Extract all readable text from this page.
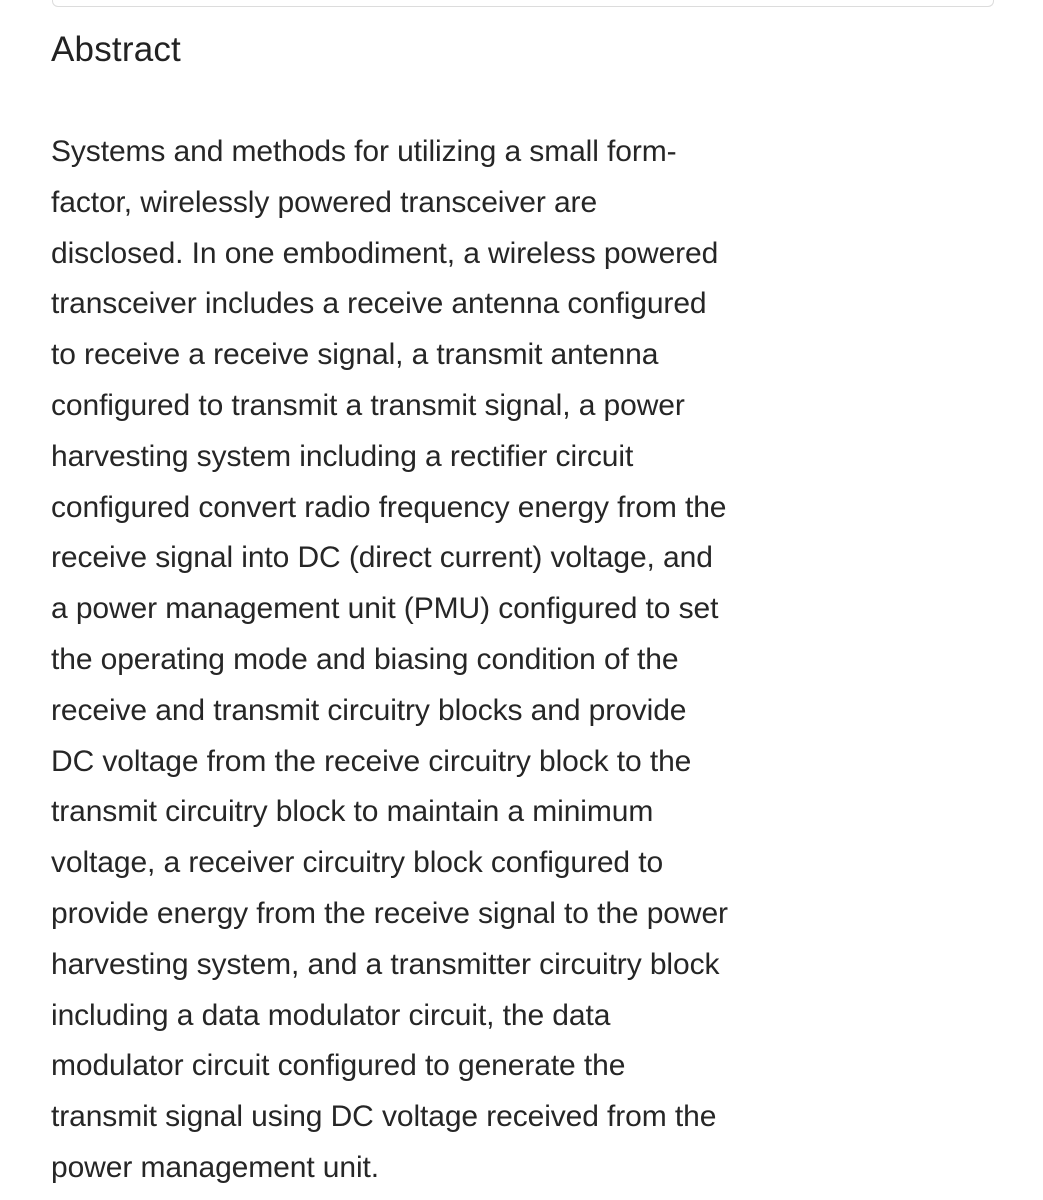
Abstract
Systems and methods for utilizing a small form-
factor, wirelessly powered transceiver are
disclosed. In one embodiment, a wireless powered
transceiver includes a receive antenna configured
to receive a receive signal, a transmit antenna
configured to transmit a transmit signal, a power
harvesting system including a rectifier circuit
configured convert radio frequency energy from the
receive signal into DC (direct current) voltage, and
a power management unit (PMU) configured to set
the operating mode and biasing condition of the
receive and transmit circuitry blocks and provide
DC voltage from the receive circuitry block to the
transmit circuitry block to maintain a minimum
voltage, a receiver circuitry block configured to
provide energy from the receive signal to the power
harvesting system, and a transmitter circuitry block
including a data modulator circuit, the data
modulator circuit configured to generate the
transmit signal using DC voltage received from the
power management unit.
